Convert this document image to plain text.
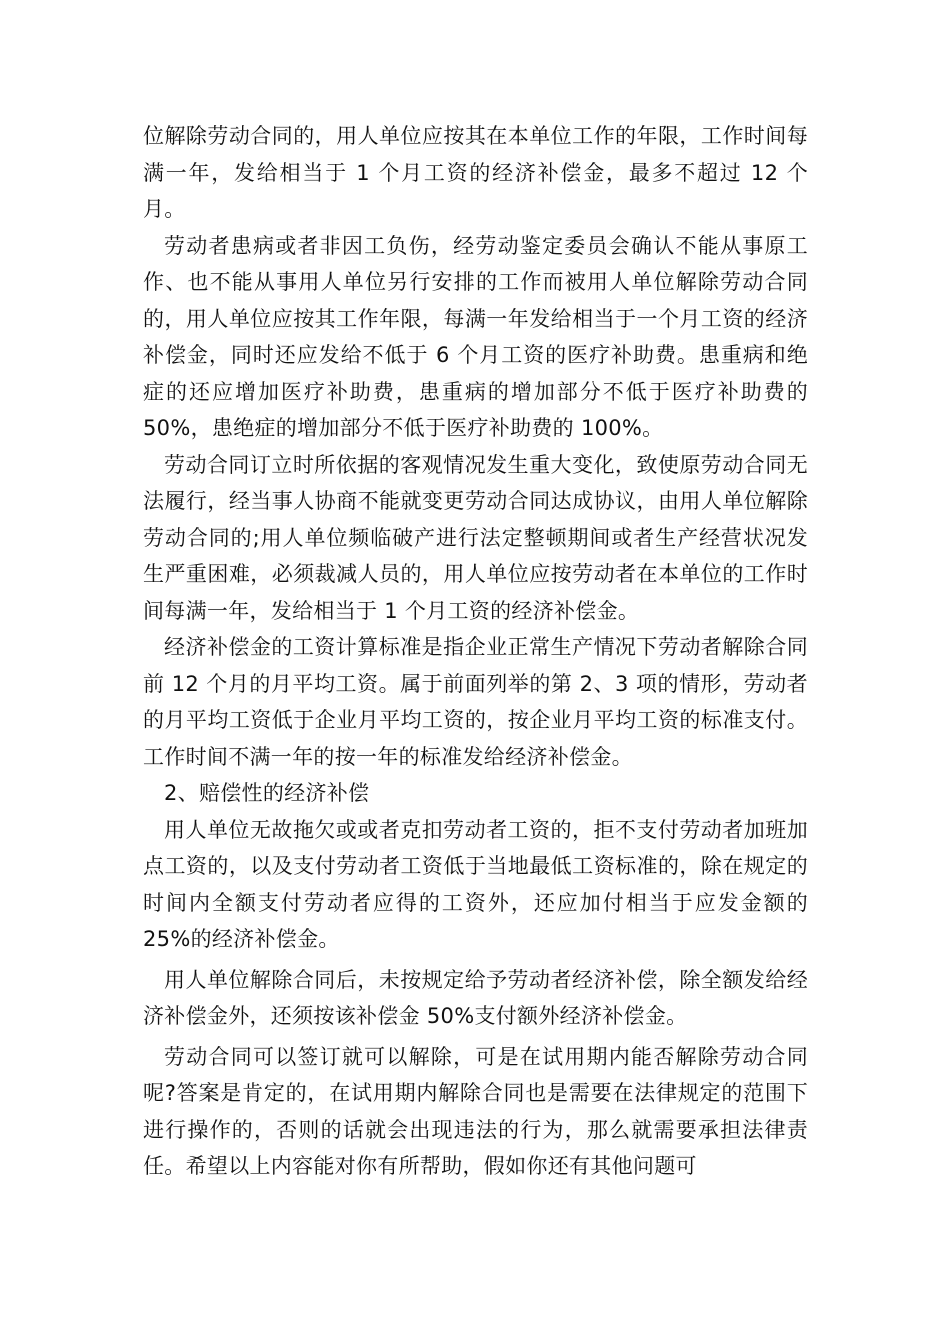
位解除劳动合同的，用人单位应按其在本单位工作的年限，工作时间每满一年，发给相当于 1 个月工资的经济补偿金，最多不超过 12 个月。

劳动者患病或者非因工负伤，经劳动鉴定委员会确认不能从事原工作、也不能从事用人单位另行安排的工作而被用人单位解除劳动合同的，用人单位应按其工作年限，每满一年发给相当于一个月工资的经济补偿金，同时还应发给不低于 6 个月工资的医疗补助费。患重病和绝症的还应增加医疗补助费，患重病的增加部分不低于医疗补助费的 50%，患绝症的增加部分不低于医疗补助费的 100%。

劳动合同订立时所依据的客观情况发生重大变化，致使原劳动合同无法履行，经当事人协商不能就变更劳动合同达成协议，由用人单位解除劳动合同的;用人单位频临破产进行法定整顿期间或者生产经营状况发生严重困难，必须裁减人员的，用人单位应按劳动者在本单位的工作时间每满一年，发给相当于 1 个月工资的经济补偿金。

经济补偿金的工资计算标准是指企业正常生产情况下劳动者解除合同前 12 个月的月平均工资。属于前面列举的第 2、3 项的情形，劳动者的月平均工资低于企业月平均工资的，按企业月平均工资的标准支付。工作时间不满一年的按一年的标准发给经济补偿金。

2、赔偿性的经济补偿

用人单位无故拖欠或或者克扣劳动者工资的，拒不支付劳动者加班加点工资的，以及支付劳动者工资低于当地最低工资标准的，除在规定的时间内全额支付劳动者应得的工资外，还应加付相当于应发金额的 25%的经济补偿金。

用人单位解除合同后，未按规定给予劳动者经济补偿，除全额发给经济补偿金外，还须按该补偿金 50%支付额外经济补偿金。

劳动合同可以签订就可以解除，可是在试用期内能否解除劳动合同呢?答案是肯定的，在试用期内解除合同也是需要在法律规定的范围下进行操作的，否则的话就会出现违法的行为，那么就需要承担法律责任。希望以上内容能对你有所帮助，假如你还有其他问题可
